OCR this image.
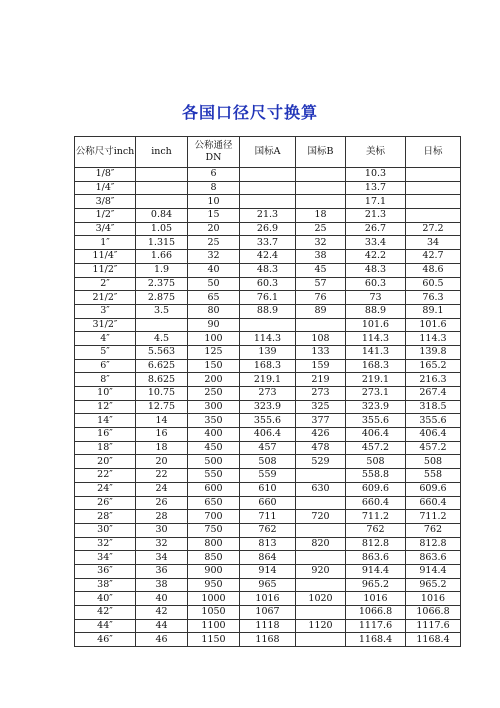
各国口径尺寸换算
公称尺寸inch	inch	公称通径DN	国标A	国标B	美标	日标
1/8″		6			10.3	
1/4″		8			13.7	
3/8″		10			17.1	
1/2″	0.84	15	21.3	18	21.3	
3/4″	1.05	20	26.9	25	26.7	27.2
1″	1.315	25	33.7	32	33.4	34
11/4″	1.66	32	42.4	38	42.2	42.7
11/2″	1.9	40	48.3	45	48.3	48.6
2″	2.375	50	60.3	57	60.3	60.5
21/2″	2.875	65	76.1	76	73	76.3
3″	3.5	80	88.9	89	88.9	89.1
31/2″		90			101.6	101.6
4″	4.5	100	114.3	108	114.3	114.3
5″	5.563	125	139	133	141.3	139.8
6″	6.625	150	168.3	159	168.3	165.2
8″	8.625	200	219.1	219	219.1	216.3
10″	10.75	250	273	273	273.1	267.4
12″	12.75	300	323.9	325	323.9	318.5
14″	14	350	355.6	377	355.6	355.6
16″	16	400	406.4	426	406.4	406.4
18″	18	450	457	478	457.2	457.2
20″	20	500	508	529	508	508
22″	22	550	559		558.8	558
24″	24	600	610	630	609.6	609.6
26″	26	650	660		660.4	660.4
28″	28	700	711	720	711.2	711.2
30″	30	750	762		762	762
32″	32	800	813	820	812.8	812.8
34″	34	850	864		863.6	863.6
36″	36	900	914	920	914.4	914.4
38″	38	950	965		965.2	965.2
40″	40	1000	1016	1020	1016	1016
42″	42	1050	1067		1066.8	1066.8
44″	44	1100	1118	1120	1117.6	1117.6
46″	46	1150	1168		1168.4	1168.4
